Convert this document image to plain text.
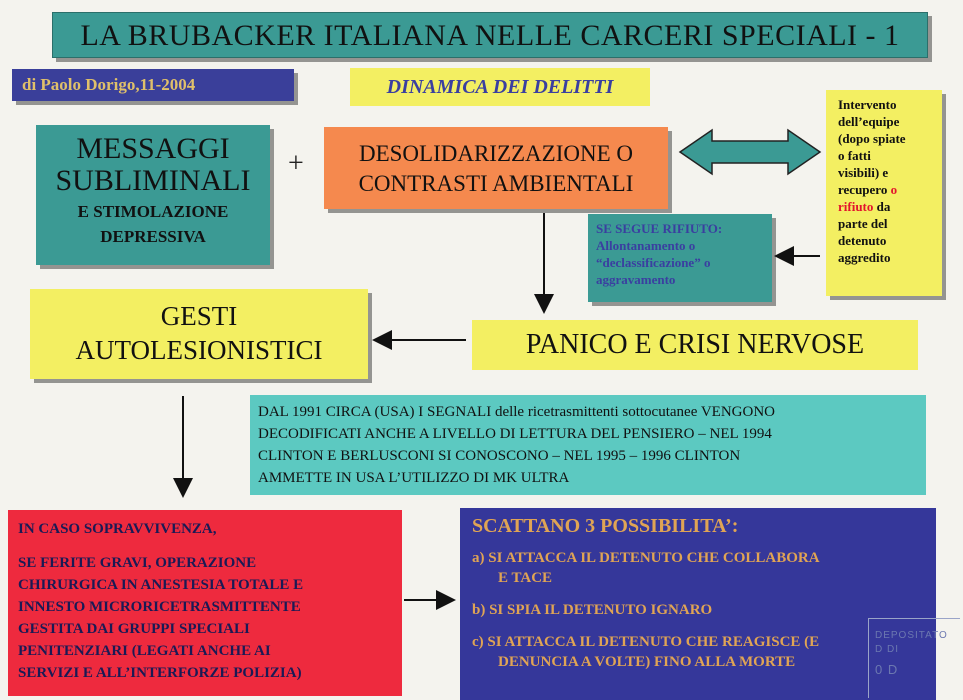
LA BRUBACKER ITALIANA NELLE CARCERI SPECIALI - 1
di Paolo Dorigo,11-2004	DINAMICA DEI DELITTI
MESSAGGI
SUBLIMINALI
E STIMOLAZIONE
DEPRESSIVA
+	DESOLIDARIZZAZIONE O
CONTRASTI AMBIENTALI
Intervento
dell’equipe
(dopo spiate
o fatti
visibili) e
recupero o
rifiuto da
parte del
detenuto
aggredito
SE SEGUE RIFIUTO:
Allontanamento o
“declassificazione” o
aggravamento
GESTI
AUTOLESIONISTICI	PANICO E CRISI NERVOSE
DAL 1991 CIRCA (USA) I SEGNALI delle ricetrasmittenti sottocutanee VENGONO
DECODIFICATI ANCHE A LIVELLO DI LETTURA DEL PENSIERO – NEL 1994
CLINTON E BERLUSCONI SI CONOSCONO – NEL 1995 – 1996 CLINTON
AMMETTE IN USA L’UTILIZZO DI MK ULTRA
IN CASO SOPRAVVIVENZA,
SE FERITE GRAVI, OPERAZIONE
CHIRURGICA IN ANESTESIA TOTALE E
INNESTO MICRORICETRASMITTENTE
GESTITA DAI GRUPPI SPECIALI
PENITENZIARI (LEGATI ANCHE AI
SERVIZI E ALL’INTERFORZE POLIZIA)
SCATTANO 3 POSSIBILITA’:
a) SI ATTACCA IL DETENUTO CHE COLLABORA
E TACE
b) SI SPIA IL DETENUTO IGNARO
c) SI ATTACCA IL DETENUTO CHE REAGISCE (E
DENUNCIA A VOLTE) FINO ALLA MORTE
DEPOSITATO
D DI
0 D
